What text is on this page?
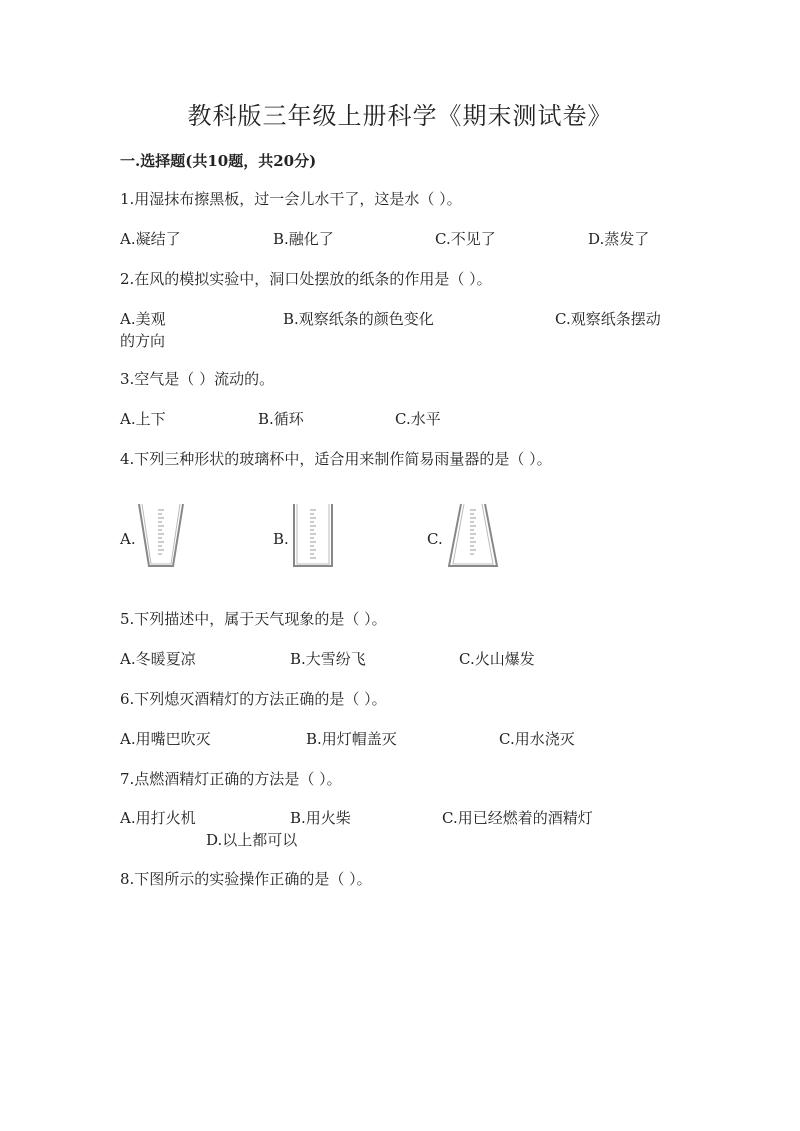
教科版三年级上册科学《期末测试卷》
一.选择题(共10题，共20分)
1.用湿抹布擦黑板，过一会儿水干了，这是水（ ）。
A.凝结了	B.融化了	C.不见了	D.蒸发了
2.在风的模拟实验中，洞口处摆放的纸条的作用是（ ）。
A.美观	B.观察纸条的颜色变化	C.观察纸条摆动
的方向
3.空气是（ ）流动的。
A.上下	B.循环	C.水平
4.下列三种形状的玻璃杯中，适合用来制作简易雨量器的是（ ）。
A.	B.	C.
5.下列描述中，属于天气现象的是（ ）。
A.冬暖夏凉	B.大雪纷飞	C.火山爆发
6.下列熄灭酒精灯的方法正确的是（ ）。
A.用嘴巴吹灭	B.用灯帽盖灭	C.用水浇灭
7.点燃酒精灯正确的方法是（ ）。
A.用打火机	B.用火柴	C.用已经燃着的酒精灯
D.以上都可以
8.下图所示的实验操作正确的是（ ）。
